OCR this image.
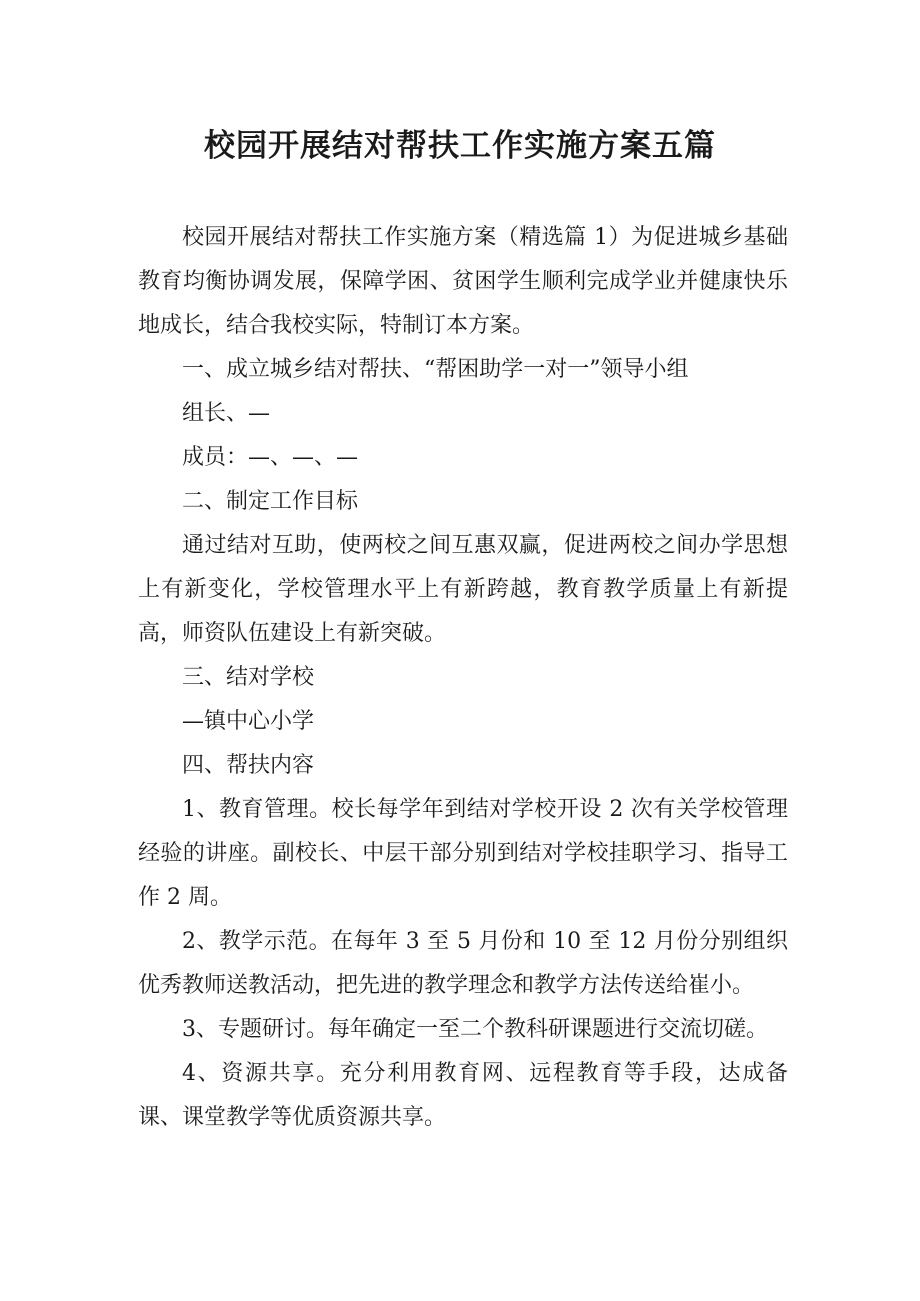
校园开展结对帮扶工作实施方案五篇

校园开展结对帮扶工作实施方案（精选篇 1）为促进城乡基础教育均衡协调发展，保障学困、贫困学生顺利完成学业并健康快乐地成长，结合我校实际，特制订本方案。

一、成立城乡结对帮扶、“帮困助学一对一”领导小组

组长、—

成员：—、—、—

二、制定工作目标

通过结对互助，使两校之间互惠双赢，促进两校之间办学思想上有新变化，学校管理水平上有新跨越，教育教学质量上有新提高，师资队伍建设上有新突破。

三、结对学校

—镇中心小学

四、帮扶内容

1、教育管理。校长每学年到结对学校开设 2 次有关学校管理经验的讲座。副校长、中层干部分别到结对学校挂职学习、指导工作 2 周。

2、教学示范。在每年 3 至 5 月份和 10 至 12 月份分别组织优秀教师送教活动，把先进的教学理念和教学方法传送给崔小。

3、专题研讨。每年确定一至二个教科研课题进行交流切磋。

4、资源共享。充分利用教育网、远程教育等手段，达成备课、课堂教学等优质资源共享。
